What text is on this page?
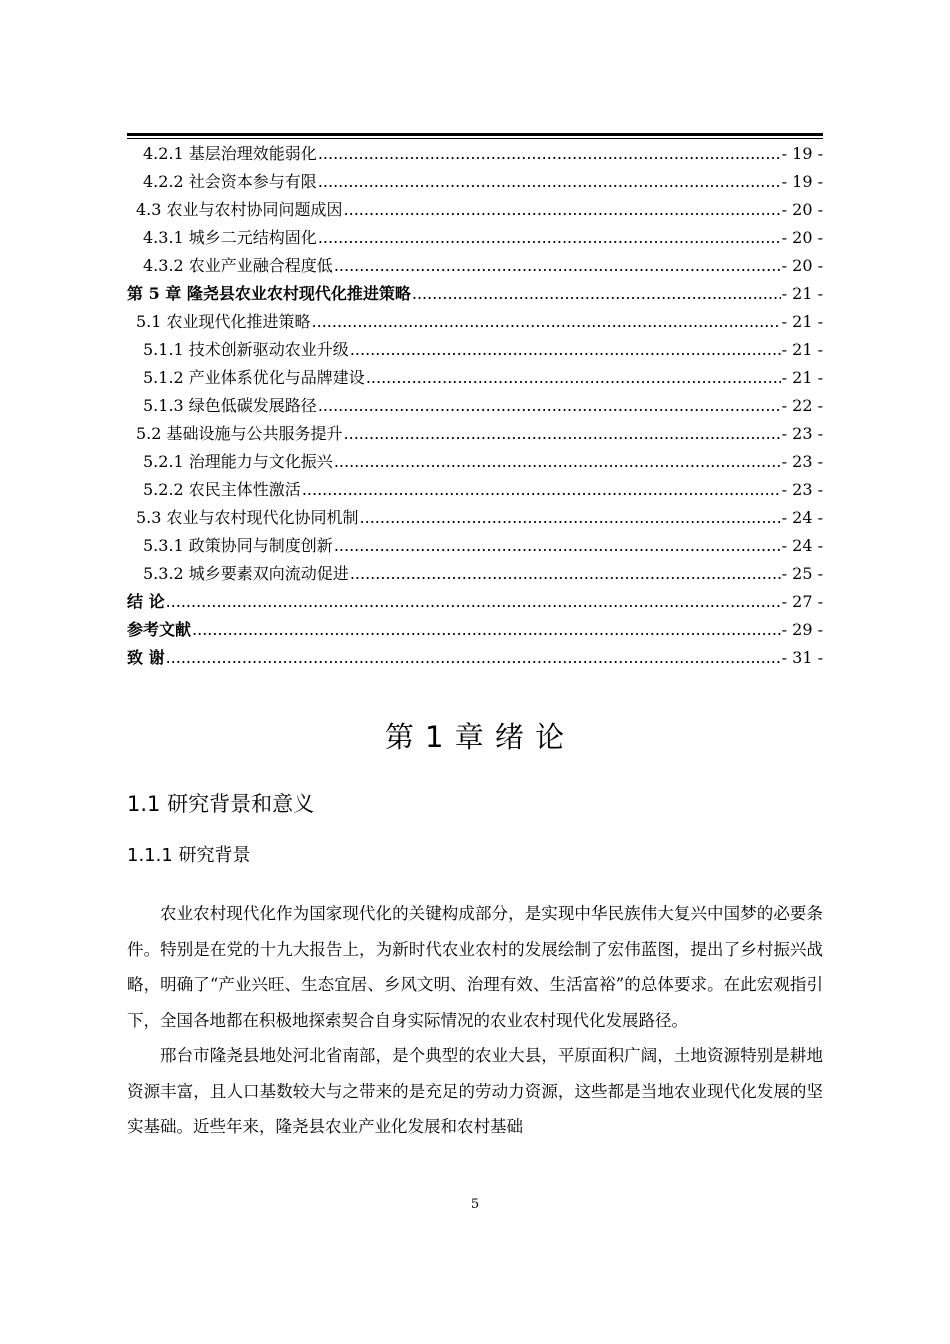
4.2.1 基层治理效能弱化 .....	- 19 -
4.2.2 社会资本参与有限 .....	- 19 -
4.3 农业与农村协同问题成因 .....	- 20 -
4.3.1 城乡二元结构固化 .....	- 20 -
4.3.2 农业产业融合程度低 .....	- 20 -
第 5 章 隆尧县农业农村现代化推进策略 .....	- 21 -
5.1 农业现代化推进策略 .....	- 21 -
5.1.1 技术创新驱动农业升级 .....	- 21 -
5.1.2 产业体系优化与品牌建设 .....	- 21 -
5.1.3 绿色低碳发展路径 .....	- 22 -
5.2 基础设施与公共服务提升 .....	- 23 -
5.2.1 治理能力与文化振兴 .....	- 23 -
5.2.2 农民主体性激活 .....	- 23 -
5.3 农业与农村现代化协同机制 .....	- 24 -
5.3.1 政策协同与制度创新 .....	- 24 -
5.3.2 城乡要素双向流动促进 .....	- 25 -
结 论 .....	- 27 -
参考文献 .....	- 29 -
致 谢 .....	- 31 -
第 1 章 绪 论
1.1 研究背景和意义
1.1.1 研究背景

农业农村现代化作为国家现代化的关键构成部分，是实现中华民族伟大复兴中国梦的必要条件。特别是在党的十九大报告上，为新时代农业农村的发展绘制了宏伟蓝图，提出了乡村振兴战略，明确了“产业兴旺、生态宜居、乡风文明、治理有效、生活富裕”的总体要求。在此宏观指引下，全国各地都在积极地探索契合自身实际情况的农业农村现代化发展路径。

邢台市隆尧县地处河北省南部，是个典型的农业大县，平原面积广阔，土地资源特别是耕地资源丰富，且人口基数较大与之带来的是充足的劳动力资源，这些都是当地农业现代化发展的坚实基础。近些年来，隆尧县农业产业化发展和农村基础

5
